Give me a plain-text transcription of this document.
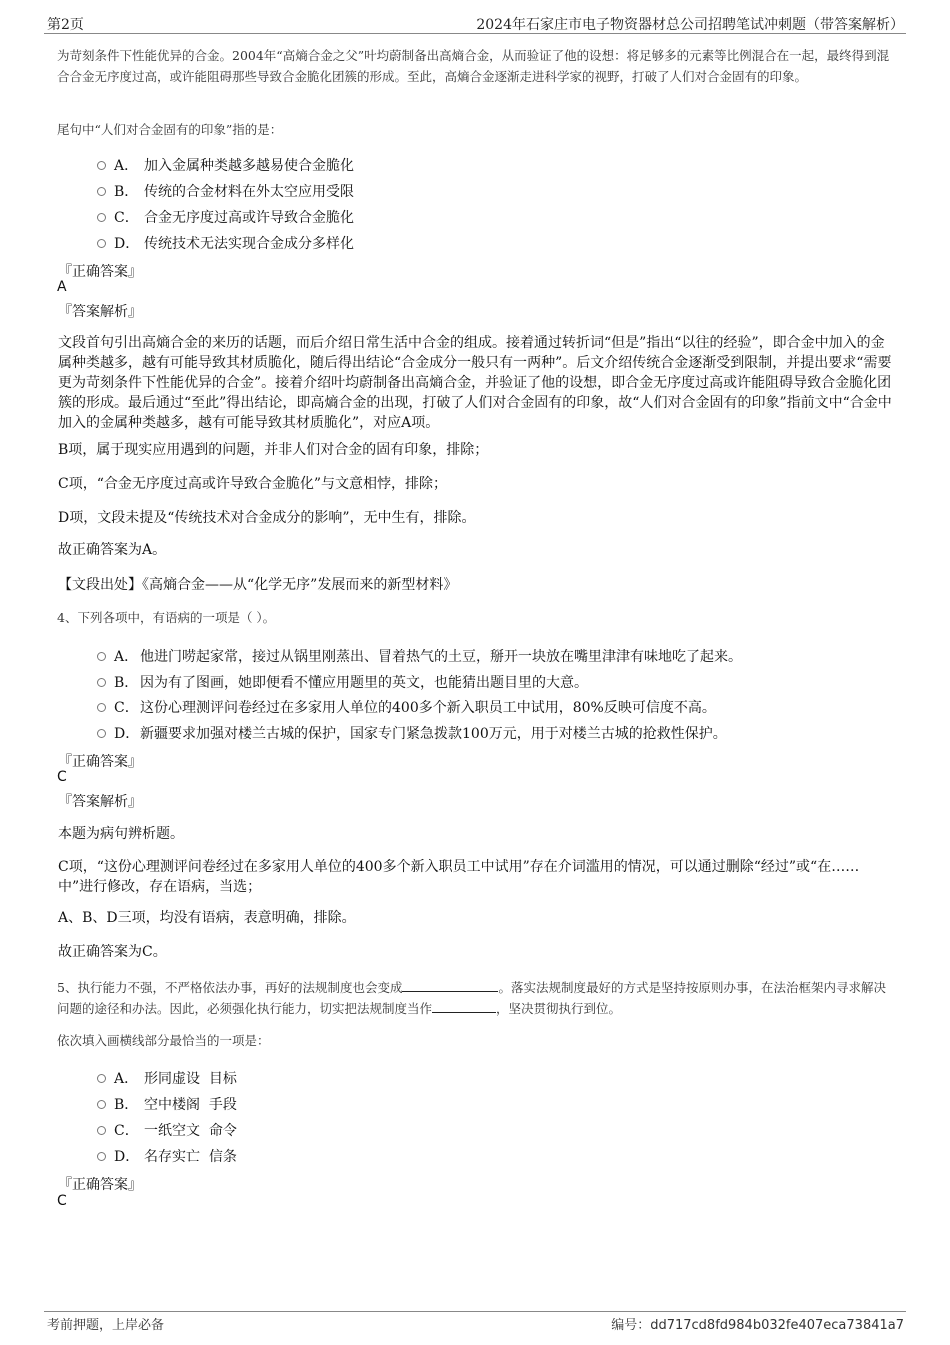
第2页	2024年石家庄市电子物资器材总公司招聘笔试冲刺题（带答案解析）
为苛刻条件下性能优异的合金。2004年“高熵合金之父”叶均蔚制备出高熵合金，从而验证了他的设想：将足够多的元素等比例混合在一起，最终得到混合合金无序度过高，或许能阻碍那些导致合金脆化团簇的形成。至此，高熵合金逐渐走进科学家的视野，打破了人们对合金固有的印象。
尾句中“人们对合金固有的印象”指的是：
A． 加入金属种类越多越易使合金脆化
B． 传统的合金材料在外太空应用受限
C． 合金无序度过高或许导致合金脆化
D． 传统技术无法实现合金成分多样化
『正确答案』
A
『答案解析』
文段首句引出高熵合金的来历的话题，而后介绍日常生活中合金的组成。接着通过转折词“但是”指出“以往的经验”，即合金中加入的金属种类越多，越有可能导致其材质脆化，随后得出结论“合金成分一般只有一两种”。后文介绍传统合金逐渐受到限制，并提出要求“需要更为苛刻条件下性能优异的合金”。接着介绍叶均蔚制备出高熵合金，并验证了他的设想，即合金无序度过高或许能阻碍导致合金脆化团簇的形成。最后通过“至此”得出结论，即高熵合金的出现，打破了人们对合金固有的印象，故“人们对合金固有的印象”指前文中“合金中加入的金属种类越多，越有可能导致其材质脆化”，对应A项。
B项，属于现实应用遇到的问题，并非人们对合金的固有印象，排除；
C项，“合金无序度过高或许导致合金脆化”与文意相悖，排除；
D项，文段未提及“传统技术对合金成分的影响”，无中生有，排除。
故正确答案为A。
【文段出处】《高熵合金——从“化学无序”发展而来的新型材料》
4、下列各项中，有语病的一项是（ ）。
A． 他进门唠起家常，接过从锅里刚蒸出、冒着热气的土豆，掰开一块放在嘴里津津有味地吃了起来。
B． 因为有了图画，她即便看不懂应用题里的英文，也能猜出题目里的大意。
C． 这份心理测评问卷经过在多家用人单位的400多个新入职员工中试用，80%反映可信度不高。
D． 新疆要求加强对楼兰古城的保护，国家专门紧急拨款100万元，用于对楼兰古城的抢救性保护。
『正确答案』
C
『答案解析』
本题为病句辨析题。
C项，“这份心理测评问卷经过在多家用人单位的400多个新入职员工中试用”存在介词滥用的情况，可以通过删除“经过”或“在……中”进行修改，存在语病，当选；
A、B、D三项，均没有语病，表意明确，排除。
故正确答案为C。
5、执行能力不强，不严格依法办事，再好的法规制度也会变成	。落实法规制度最好的方式是坚持按原则办事，在法治框架内寻求解决问题的途径和办法。因此，必须强化执行能力，切实把法规制度当作	，坚决贯彻执行到位。
依次填入画横线部分最恰当的一项是：
A． 形同虚设  目标
B． 空中楼阁  手段
C． 一纸空文  命令
D． 名存实亡  信条
『正确答案』
C
考前押题，上岸必备	编号：dd717cd8fd984b032fe407eca73841a7
